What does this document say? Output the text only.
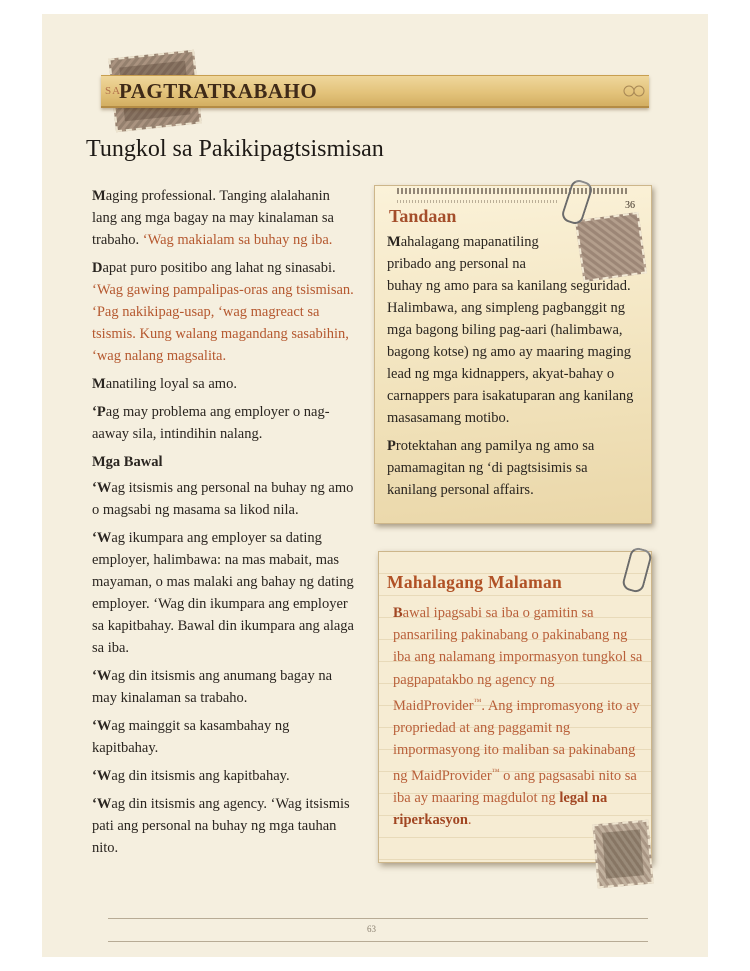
SA
PAGTRATRABAHO
Tungkol sa Pakikipagtsismisan

Maging professional. Tanging alalahanin lang ang mga bagay na may kinalaman sa trabaho. ‘Wag makialam sa buhay ng iba.

Dapat puro positibo ang lahat ng sinasabi. ‘Wag gawing pampalipas-oras ang tsismisan. ‘Pag nakikipag-usap, ‘wag magreact sa tsismis. Kung walang magandang sasabihin, ‘wag nalang magsalita.

Manatiling loyal sa amo.

‘Pag may problema ang employer o nag-aaway sila, intindihin nalang.

Mga Bawal

‘Wag itsismis ang personal na buhay ng amo o magsabi ng masama sa likod nila.

‘Wag ikumpara ang employer sa dating employer, halimbawa: na mas mabait, mas mayaman, o mas malaki ang bahay ng dating employer. ‘Wag din ikumpara ang employer sa kapitbahay. Bawal din ikumpara ang alaga sa iba.

‘Wag din itsismis ang anumang bagay na may kinalaman sa trabaho.

‘Wag mainggit sa kasambahay ng kapitbahay.

‘Wag din itsismis ang kapitbahay.

‘Wag din itsismis ang agency. ‘Wag itsismis pati ang personal na buhay ng mga tauhan nito.

Tandaan

Mahalagang mapanatiling pribado ang personal na
buhay ng amo para sa kanilang seguridad. Halimbawa, ang simpleng pagbanggit ng mga bagong biling pag-aari (halimbawa, bagong kotse) ng amo ay maaring maging lead ng mga kidnappers, akyat-bahay o carnappers para isakatuparan ang kanilang masasamang motibo.

Protektahan ang pamilya ng amo sa pamamagitan ng ‘di pagtsisimis sa kanilang personal affairs.

36
Mahalagang Malaman
Bawal ipagsabi sa iba o gamitin sa pansariling pakinabang o pakinabang ng iba ang nalamang impormasyon tungkol sa pagpapatakbo ng agency ng MaidProvider™. Ang impromasyong ito ay propriedad at ang paggamit ng impormasyong ito maliban sa pakinabang ng MaidProvider™ o ang pagsasabi nito sa iba ay maaring magdulot ng legal na riperkasyon.
63
